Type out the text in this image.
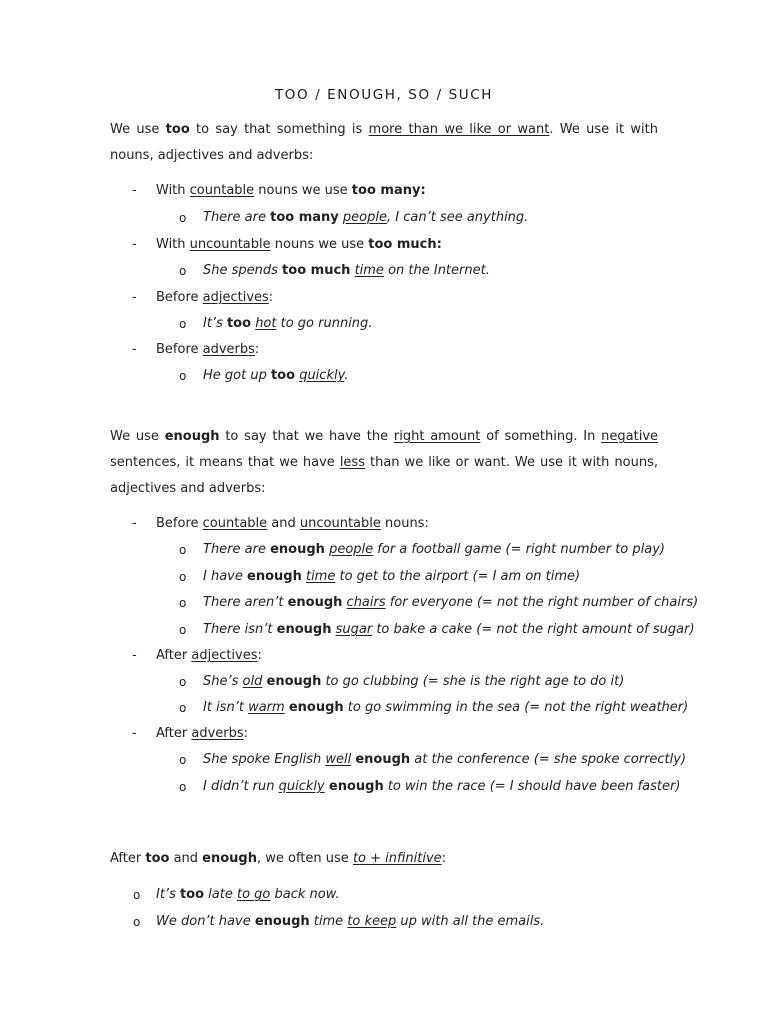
TOO / ENOUGH, SO / SUCH
We use too to say that something is more than we like or want. We use it with nouns, adjectives and adverbs:
- With countable nouns we use too many:
o There are too many people, I can’t see anything.
- With uncountable nouns we use too much:
o She spends too much time on the Internet.
- Before adjectives:
o It’s too hot to go running.
- Before adverbs:
o He got up too quickly.
We use enough to say that we have the right amount of something. In negative sentences, it means that we have less than we like or want. We use it with nouns, adjectives and adverbs:
- Before countable and uncountable nouns:
o There are enough people for a football game (= right number to play)
o I have enough time to get to the airport (= I am on time)
o There aren’t enough chairs for everyone (= not the right number of chairs)
o There isn’t enough sugar to bake a cake (= not the right amount of sugar)
- After adjectives:
o She’s old enough to go clubbing (= she is the right age to do it)
o It isn’t warm enough to go swimming in the sea (= not the right weather)
- After adverbs:
o She spoke English well enough at the conference (= she spoke correctly)
o I didn’t run quickly enough to win the race (= I should have been faster)
After too and enough, we often use to + infinitive:
o It’s too late to go back now.
o We don’t have enough time to keep up with all the emails.
